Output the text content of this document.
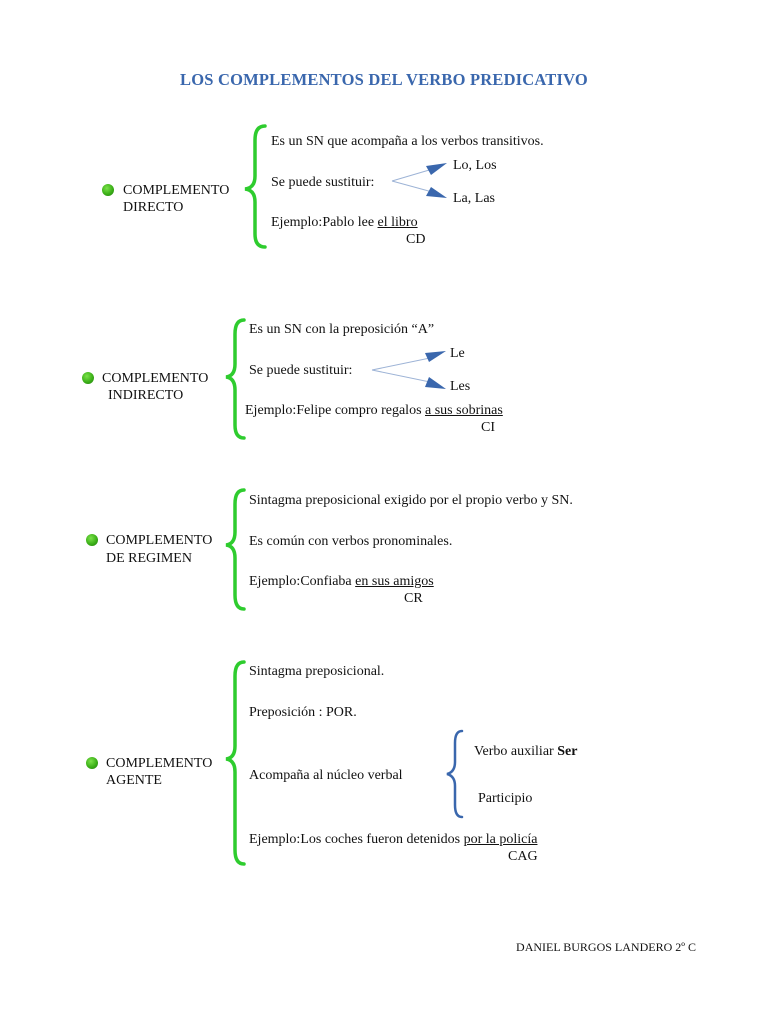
LOS COMPLEMENTOS DEL VERBO PREDICATIVO
COMPLEMENTO
DIRECTO
Es un SN que acompaña a los verbos transitivos.
Se puede sustituir:
Lo, Los
La, Las
Ejemplo:Pablo lee el libro
CD
COMPLEMENTO
INDIRECTO
Es un SN con la preposición “A”
Se puede sustituir:
Le
Les
Ejemplo:Felipe compro regalos a sus sobrinas
CI
COMPLEMENTO
DE REGIMEN
Sintagma preposicional exigido por el propio verbo y SN.
Es común con verbos pronominales.
Ejemplo:Confiaba en sus amigos
CR
COMPLEMENTO
AGENTE
Sintagma preposicional.
Preposición : POR.
Acompaña al núcleo verbal
Verbo auxiliar Ser
Participio
Ejemplo:Los coches fueron detenidos por la policía
CAG
DANIEL BURGOS LANDERO 2º C
